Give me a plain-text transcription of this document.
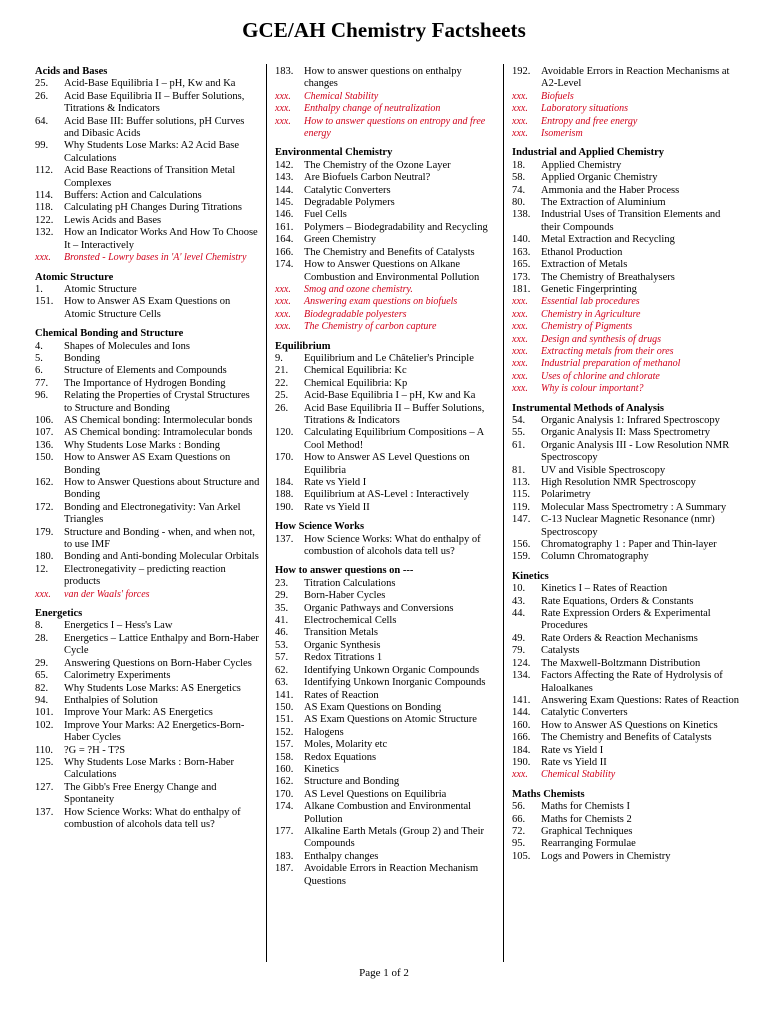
GCE/AH Chemistry Factsheets
Acids and Bases
25.	Acid-Base Equilibria I – pH, Kw and Ka
26.	Acid Base Equilibria II – Buffer Solutions, Titrations & Indicators
64.	Acid Base III: Buffer solutions, pH Curves and Dibasic Acids
99.	Why Students Lose Marks: A2 Acid Base Calculations
112.	Acid Base Reactions of Transition Metal Complexes
114.	Buffers: Action and Calculations
118.	Calculating pH Changes During Titrations
122.	Lewis Acids and Bases
132.	How an Indicator Works And How To Choose It – Interactively
xxx.	Bronsted - Lowry bases in 'A' level Chemistry
Atomic Structure
1.	Atomic Structure
151.	How to Answer AS Exam Questions on Atomic Structure Cells
Chemical Bonding and Structure
4.	Shapes of Molecules and Ions
5.	Bonding
6.	Structure of Elements and Compounds
77.	The Importance of Hydrogen Bonding
96.	Relating the Properties of Crystal Structures to Structure and Bonding
106.	AS Chemical bonding: Intermolecular bonds
107.	AS Chemical bonding: Intramolecular bonds
136.	Why Students Lose Marks : Bonding
150.	How to Answer AS Exam Questions on Bonding
162.	How to Answer Questions about Structure and Bonding
172.	Bonding and Electronegativity: Van Arkel Triangles
179.	Structure and Bonding - when, and when not, to use IMF
180.	Bonding and Anti-bonding Molecular Orbitals
12.	Electronegativity – predicting reaction products
xxx.	van der Waals' forces
Energetics
8.	Energetics I – Hess's Law
28.	Energetics – Lattice Enthalpy and Born-Haber Cycle
29.	Answering Questions on Born-Haber Cycles
65.	Calorimetry Experiments
82.	Why Students Lose Marks: AS Energetics
94.	Enthalpies of Solution
101.	Improve Your Mark: AS Energetics
102.	Improve Your Marks: A2 Energetics-Born-Haber Cycles
110.	?G = ?H - T?S
125.	Why Students Lose Marks : Born-Haber Calculations
127.	The Gibb's Free Energy Change and Spontaneity
137.	How Science Works: What do enthalpy of combustion of alcohols data tell us?
183.	How to answer questions on enthalpy changes
xxx.	Chemical Stability
xxx.	Enthalpy change of neutralization
xxx.	How to answer questions on entropy and free energy
Environmental Chemistry
142.	The Chemistry of the Ozone Layer
143.	Are Biofuels Carbon Neutral?
144.	Catalytic Converters
145.	Degradable Polymers
146.	Fuel Cells
161.	Polymers – Biodegradability and Recycling
164.	Green Chemistry
166.	The Chemistry and Benefits of Catalysts
174.	How to Answer Questions on Alkane Combustion and Environmental Pollution
xxx.	Smog and ozone chemistry.
xxx.	Answering exam questions on biofuels
xxx.	Biodegradable polyesters
xxx.	The Chemistry of carbon capture
Equilibrium
9.	Equilibrium and Le Châtelier's Principle
21.	Chemical Equilibria: Kc
22.	Chemical Equilibria: Kp
25.	Acid-Base Equilibria I – pH, Kw and Ka
26.	Acid Base Equilibria II – Buffer Solutions, Titrations & Indicators
120.	Calculating Equilibrium Compositions – A Cool Method!
170.	How to Answer AS Level Questions on Equilibria
184.	Rate vs Yield I
188.	Equilibrium at AS-Level : Interactively
190.	Rate vs Yield II
How Science Works
137.	How Science Works: What do enthalpy of combustion of alcohols data tell us?
How to answer questions on ---
23.	Titration Calculations
29.	Born-Haber Cycles
35.	Organic Pathways and Conversions
41.	Electrochemical Cells
46.	Transition Metals
53.	Organic Synthesis
57.	Redox Titrations 1
62.	Identifying Unkown Organic Compounds
63.	Identifying Unkown Inorganic Compounds
141.	Rates of Reaction
150.	AS Exam Questions on Bonding
151.	AS Exam Questions on Atomic Structure
152.	Halogens
157.	Moles, Molarity etc
158.	Redox Equations
160.	Kinetics
162.	Structure and Bonding
170.	AS Level Questions on Equilibria
174.	Alkane Combustion and Environmental Pollution
177.	Alkaline Earth Metals (Group 2) and Their Compounds
183.	Enthalpy changes
187.	Avoidable Errors in Reaction Mechanism Questions
192.	Avoidable Errors in Reaction Mechanisms at A2-Level
xxx.	Biofuels
xxx.	Laboratory situations
xxx.	Entropy and free energy
xxx.	Isomerism
Industrial and Applied Chemistry
18.	Applied Chemistry
58.	Applied Organic Chemistry
74.	Ammonia and the Haber Process
80.	The Extraction of Aluminium
138.	Industrial Uses of Transition Elements and their Compounds
140.	Metal Extraction and Recycling
163.	Ethanol Production
165.	Extraction of Metals
173.	The Chemistry of Breathalysers
181.	Genetic Fingerprinting
xxx.	Essential lab procedures
xxx.	Chemistry in Agriculture
xxx.	Chemistry of Pigments
xxx.	Design and synthesis of drugs
xxx.	Extracting metals from their ores
xxx.	Industrial preparation of methanol
xxx.	Uses of chlorine and chlorate
xxx.	Why is colour important?
Instrumental Methods of Analysis
54.	Organic Analysis 1: Infrared Spectroscopy
55.	Organic Analysis II: Mass Spectrometry
61.	Organic Analysis III - Low Resolution NMR Spectroscopy
81.	UV and Visible Spectroscopy
113.	High Resolution NMR Spectroscopy
115.	Polarimetry
119.	Molecular Mass Spectrometry : A Summary
147.	C-13 Nuclear Magnetic Resonance (nmr) Spectroscopy
156.	Chromatography 1 : Paper and Thin-layer
159.	Column Chromatography
Kinetics
10.	Kinetics I – Rates of Reaction
43.	Rate Equations, Orders & Constants
44.	Rate Expression Orders & Experimental Procedures
49.	Rate Orders & Reaction Mechanisms
79.	Catalysts
124.	The Maxwell-Boltzmann Distribution
134.	Factors Affecting the Rate of Hydrolysis of Haloalkanes
141.	Answering Exam Questions: Rates of Reaction
144.	Catalytic Converters
160.	How to Answer AS Questions on Kinetics
166.	The Chemistry and Benefits of Catalysts
184.	Rate vs Yield I
190.	Rate vs Yield II
xxx.	Chemical Stability
Maths Chemists
56.	Maths for Chemists I
66.	Maths for Chemists 2
72.	Graphical Techniques
95.	Rearranging Formulae
105.	Logs and Powers in Chemistry
Page 1 of 2
